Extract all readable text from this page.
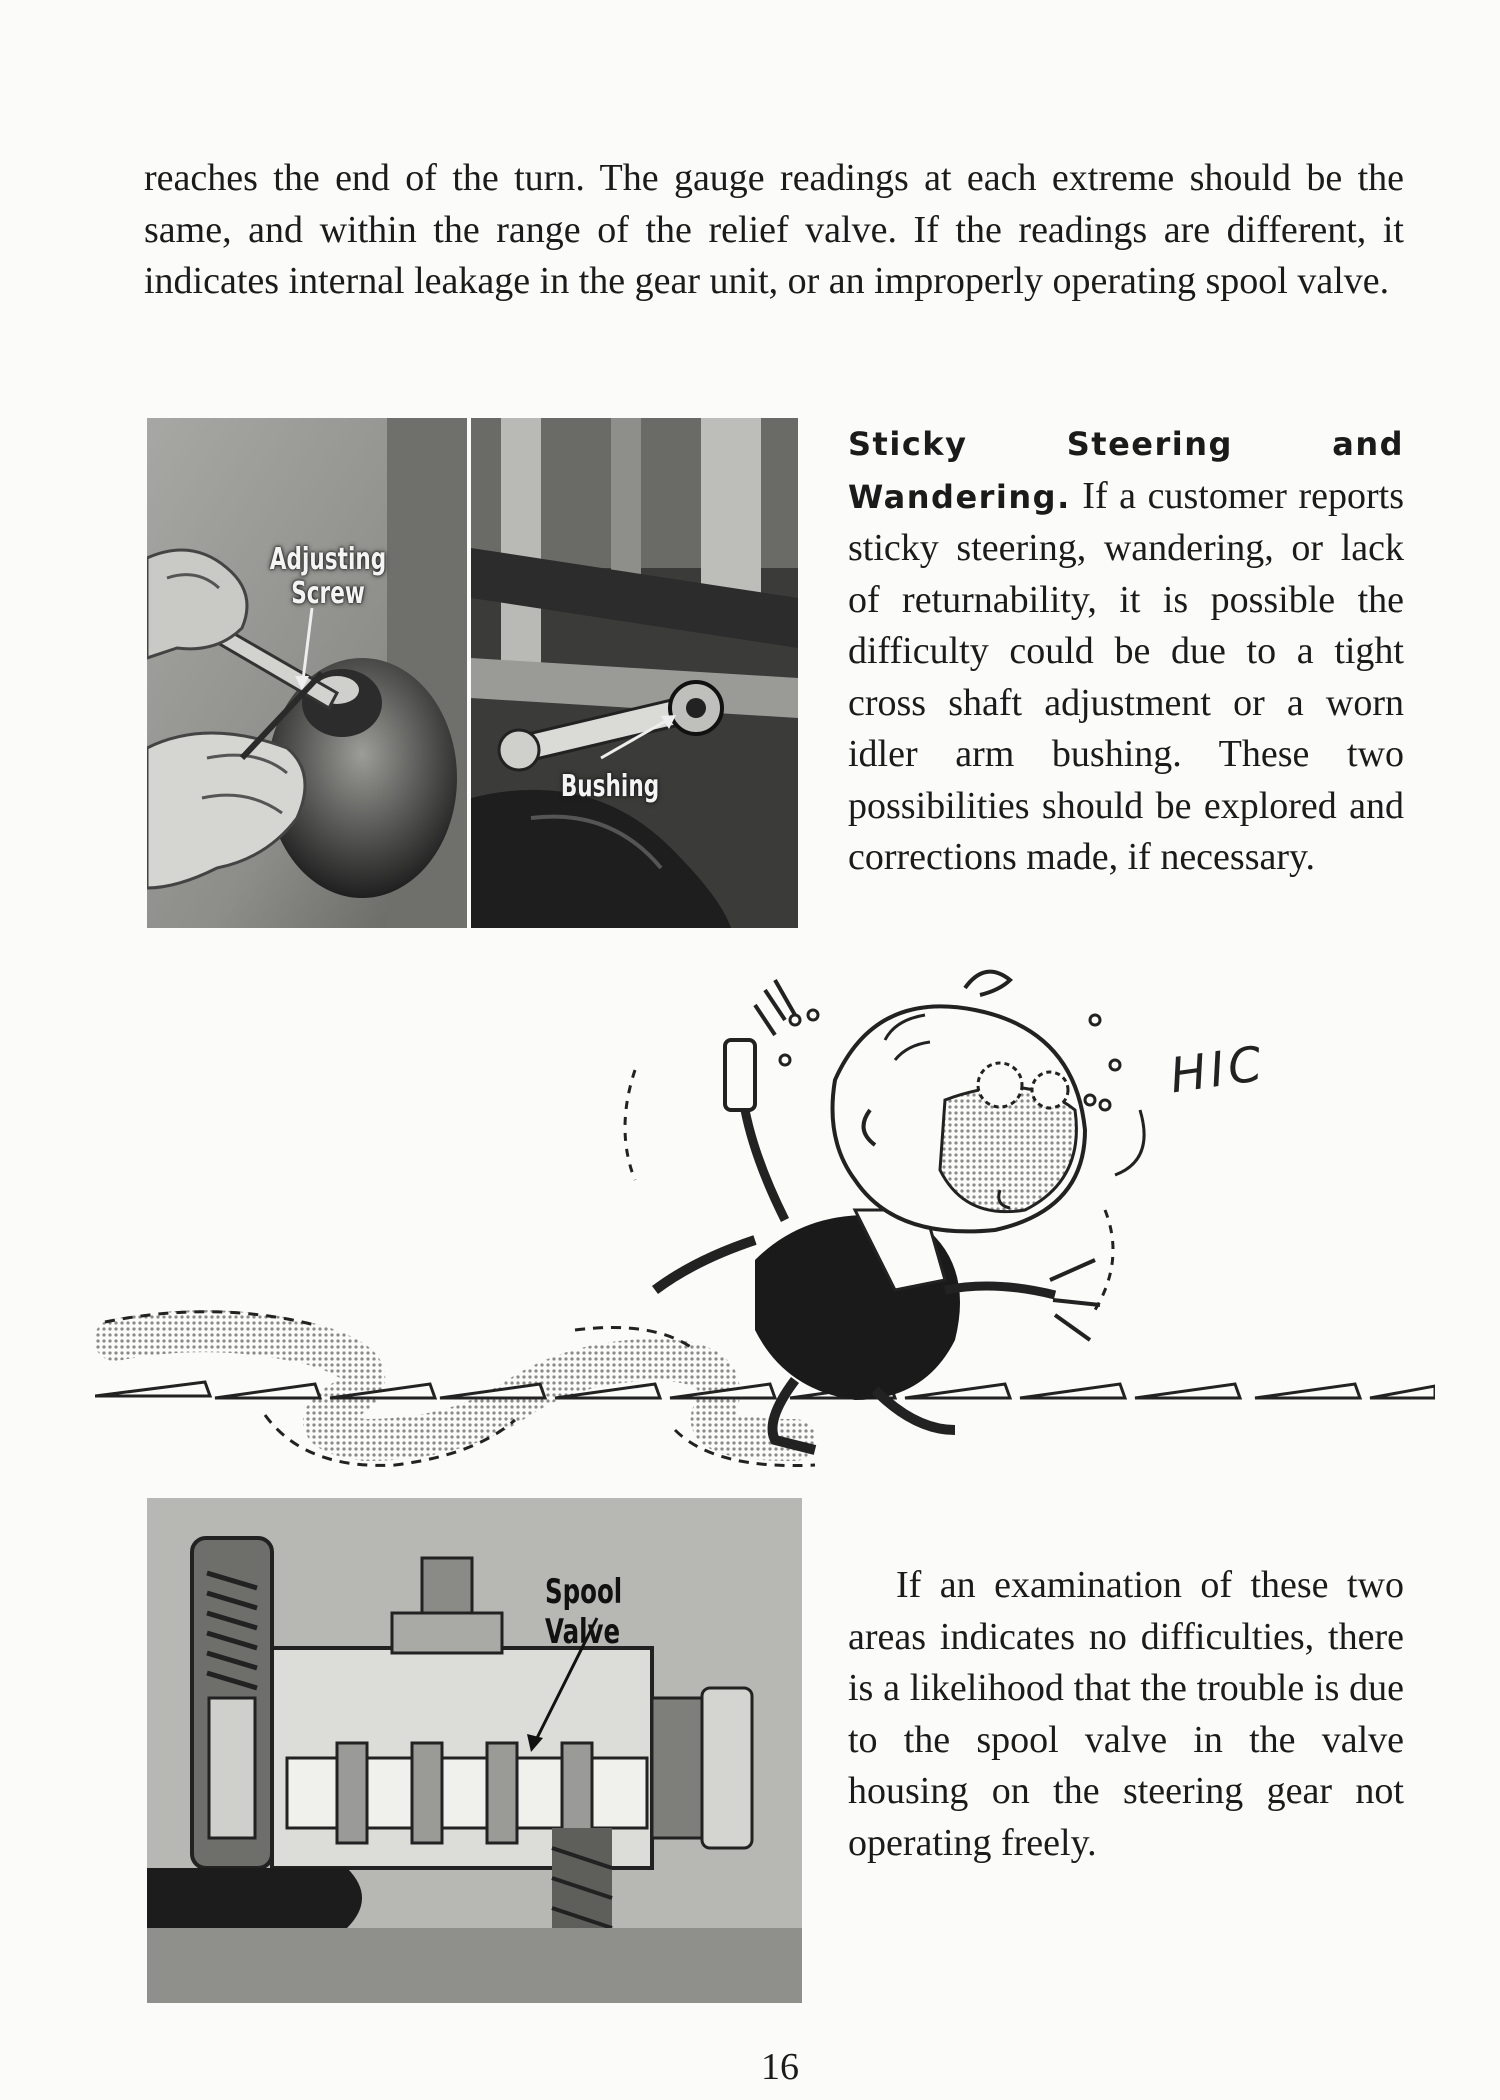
reaches the end of the turn. The gauge readings at each extreme should be the same, and within the range of the relief valve. If the readings are different, it indicates internal leakage in the gear unit, or an improperly operating spool valve.

Adjusting Screw
Bushing

Sticky Steering and Wandering. If a customer reports sticky steering, wandering, or lack of returnability, it is possible the difficulty could be due to a tight cross shaft adjustment or a worn idler arm bushing. These two possibilities should be explored and corrections made, if necessary.

HIC
Spool Valve

If an examination of these two areas indicates no difficulties, there is a likelihood that the trouble is due to the spool valve in the valve housing on the steering gear not operating freely.

16
